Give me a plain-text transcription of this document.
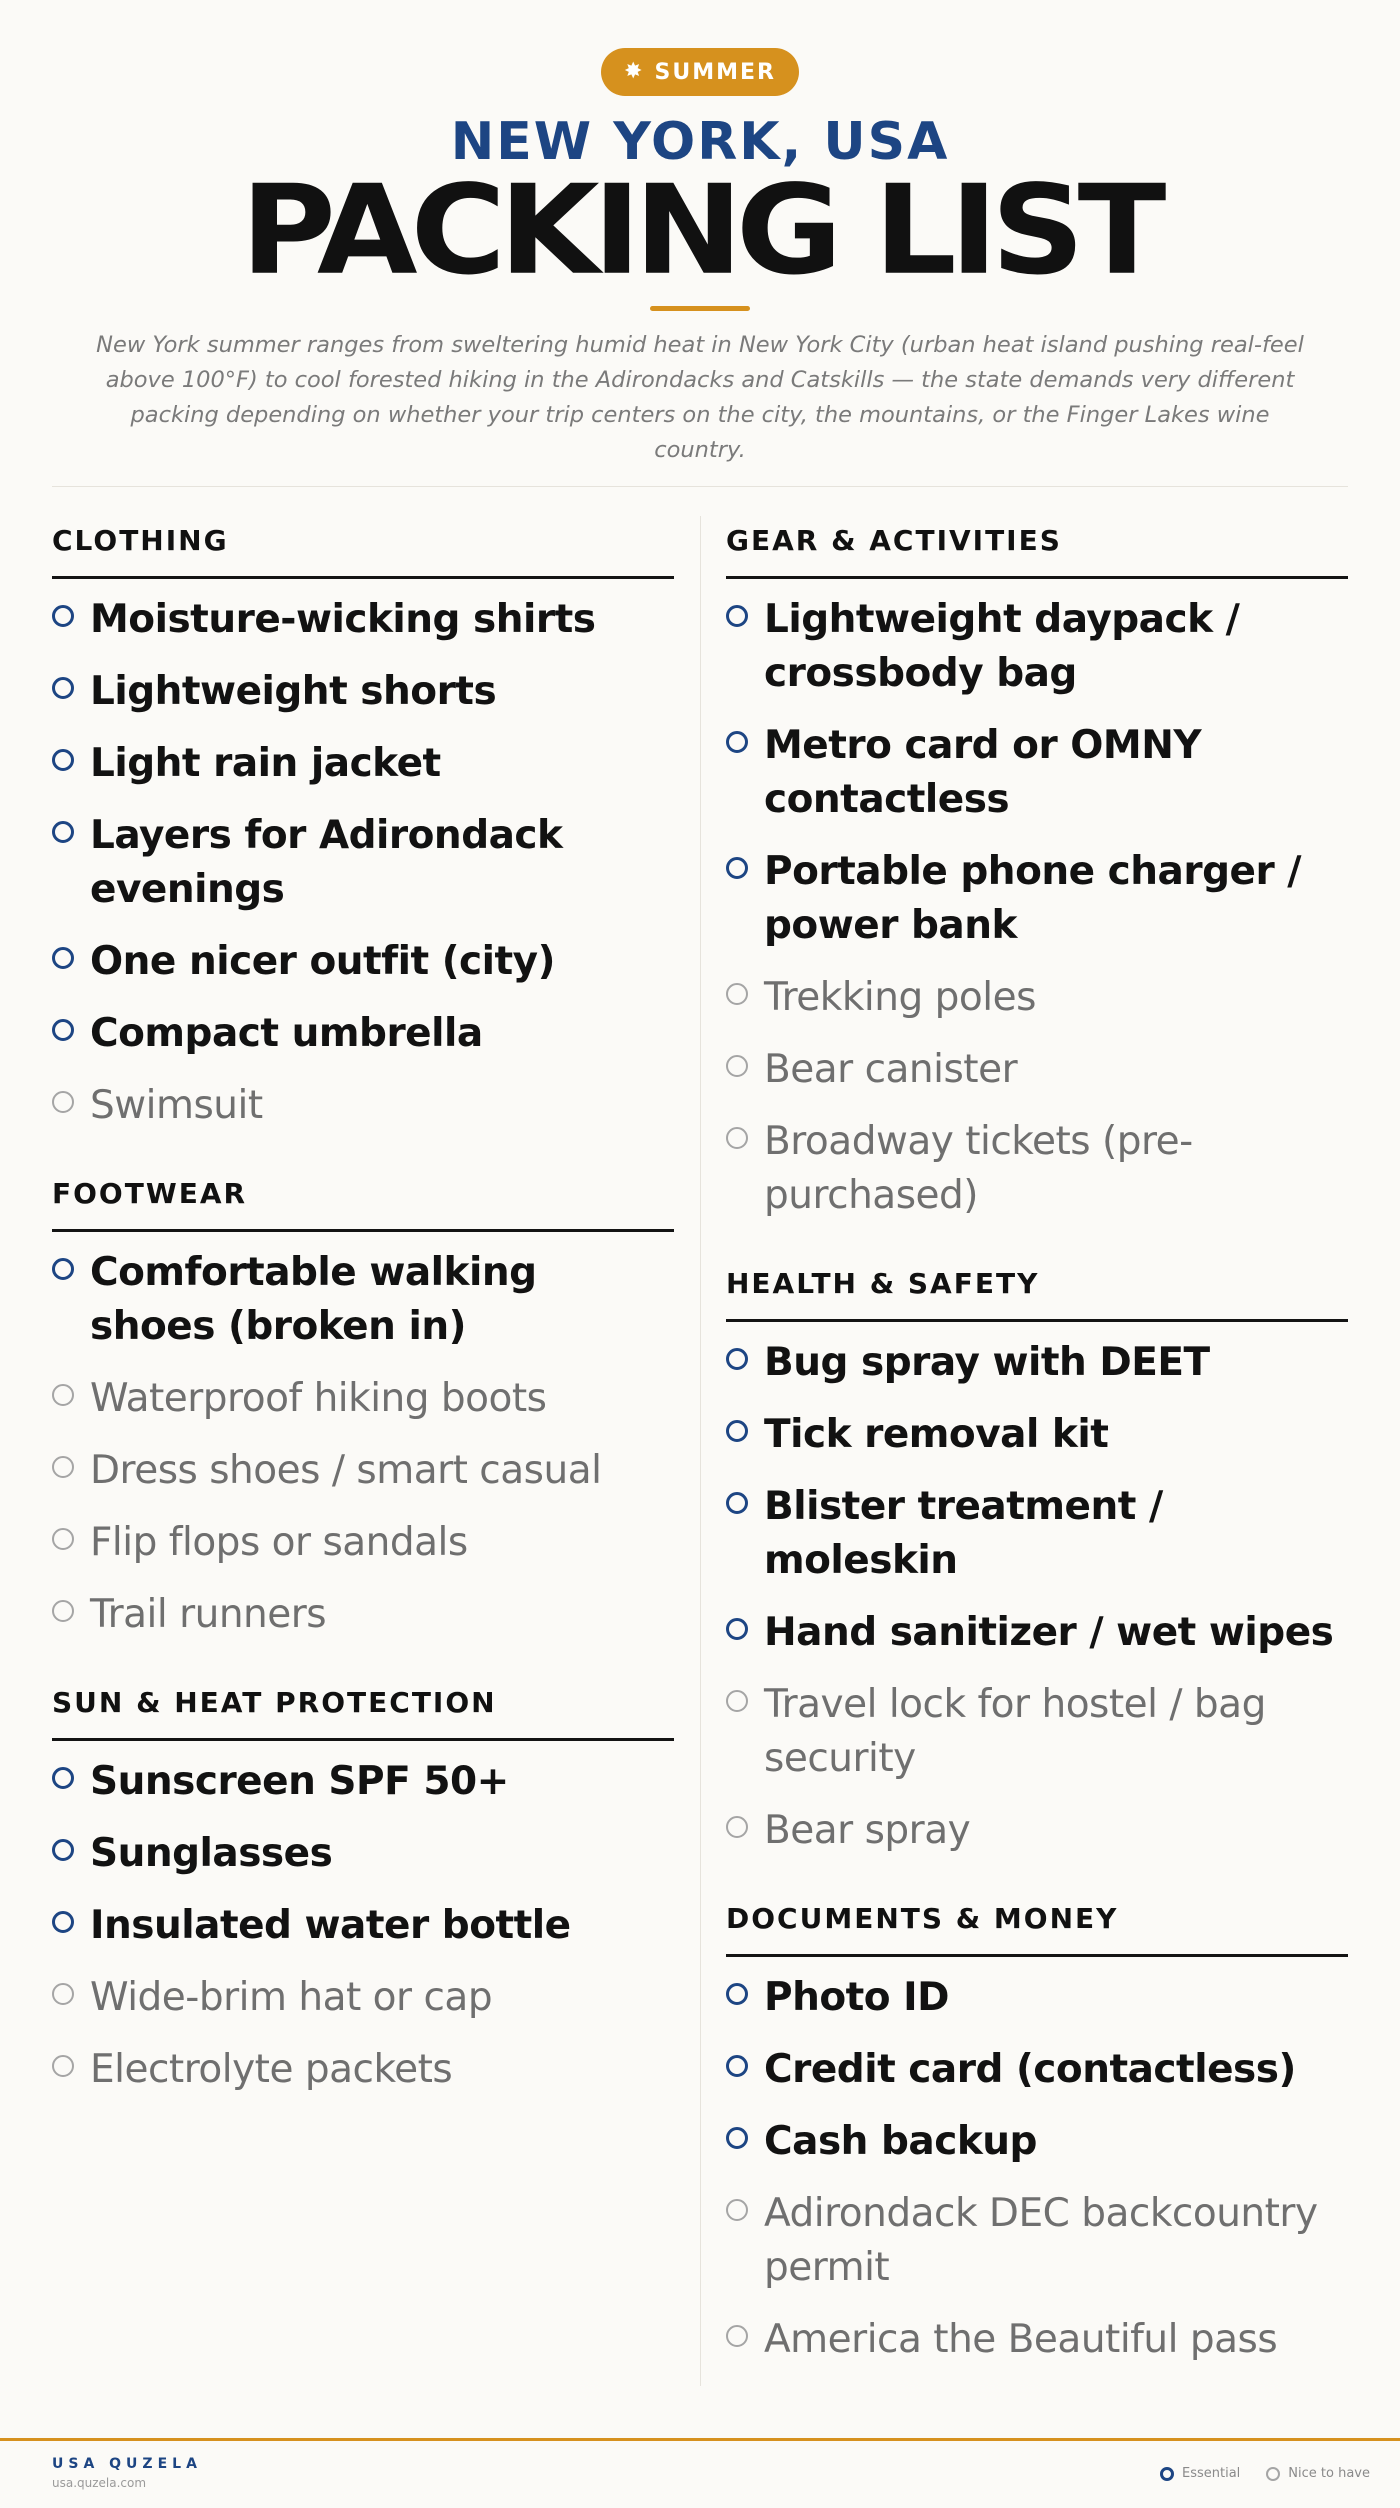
✸ SUMMER
NEW YORK, USA
PACKING LIST

New York summer ranges from sweltering humid heat in New York City (urban heat island pushing real-feel above 100°F) to cool forested hiking in the Adirondacks and Catskills — the state demands very different packing depending on whether your trip centers on the city, the mountains, or the Finger Lakes wine country.

CLOTHING
Moisture-wicking shirts
Lightweight shorts
Light rain jacket
Layers for Adirondack evenings
One nicer outfit (city)
Compact umbrella
Swimsuit
FOOTWEAR
Comfortable walking shoes (broken in)
Waterproof hiking boots
Dress shoes / smart casual
Flip flops or sandals
Trail runners
SUN & HEAT PROTECTION
Sunscreen SPF 50+
Sunglasses
Insulated water bottle
Wide-brim hat or cap
Electrolyte packets
GEAR & ACTIVITIES
Lightweight daypack / crossbody bag
Metro card or OMNY contactless
Portable phone charger / power bank
Trekking poles
Bear canister
Broadway tickets (pre-purchased)
HEALTH & SAFETY
Bug spray with DEET
Tick removal kit
Blister treatment / moleskin
Hand sanitizer / wet wipes
Travel lock for hostel / bag security
Bear spray
DOCUMENTS & MONEY
Photo ID
Credit card (contactless)
Cash backup
Adirondack DEC backcountry permit
America the Beautiful pass
USA QUZELA
usa.quzela.com
Essential	Nice to have
